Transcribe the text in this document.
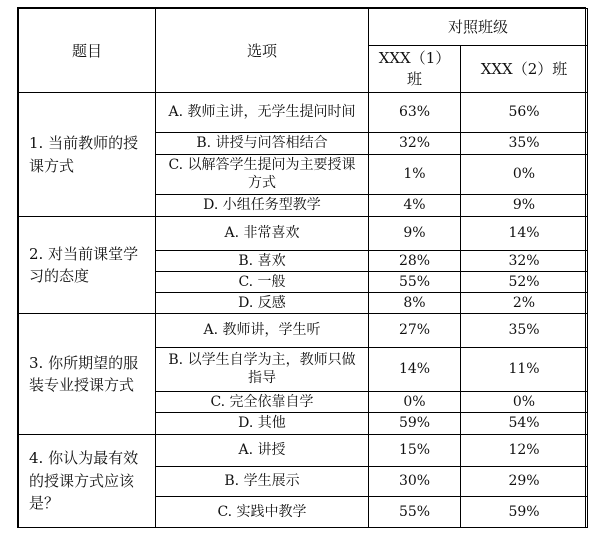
题目	选项	对照班级	
		XXX（1）班	XXX（2）班
1. 当前教师的授课方式	A. 教师主讲，无学生提问时间	63%	56%
	B. 讲授与问答相结合	32%	35%
	C. 以解答学生提问为主要授课方式	1%	0%
	D. 小组任务型教学	4%	9%
2. 对当前课堂学习的态度	A. 非常喜欢	9%	14%
	B. 喜欢	28%	32%
	C. 一般	55%	52%
	D. 反感	8%	2%
3. 你所期望的服装专业授课方式	A. 教师讲，学生听	27%	35%
	B. 以学生自学为主，教师只做指导	14%	11%
	C. 完全依靠自学	0%	0%
	D. 其他	59%	54%
4. 你认为最有效的授课方式应该是？	A. 讲授	15%	12%
	B. 学生展示	30%	29%
	C. 实践中教学	55%	59%
